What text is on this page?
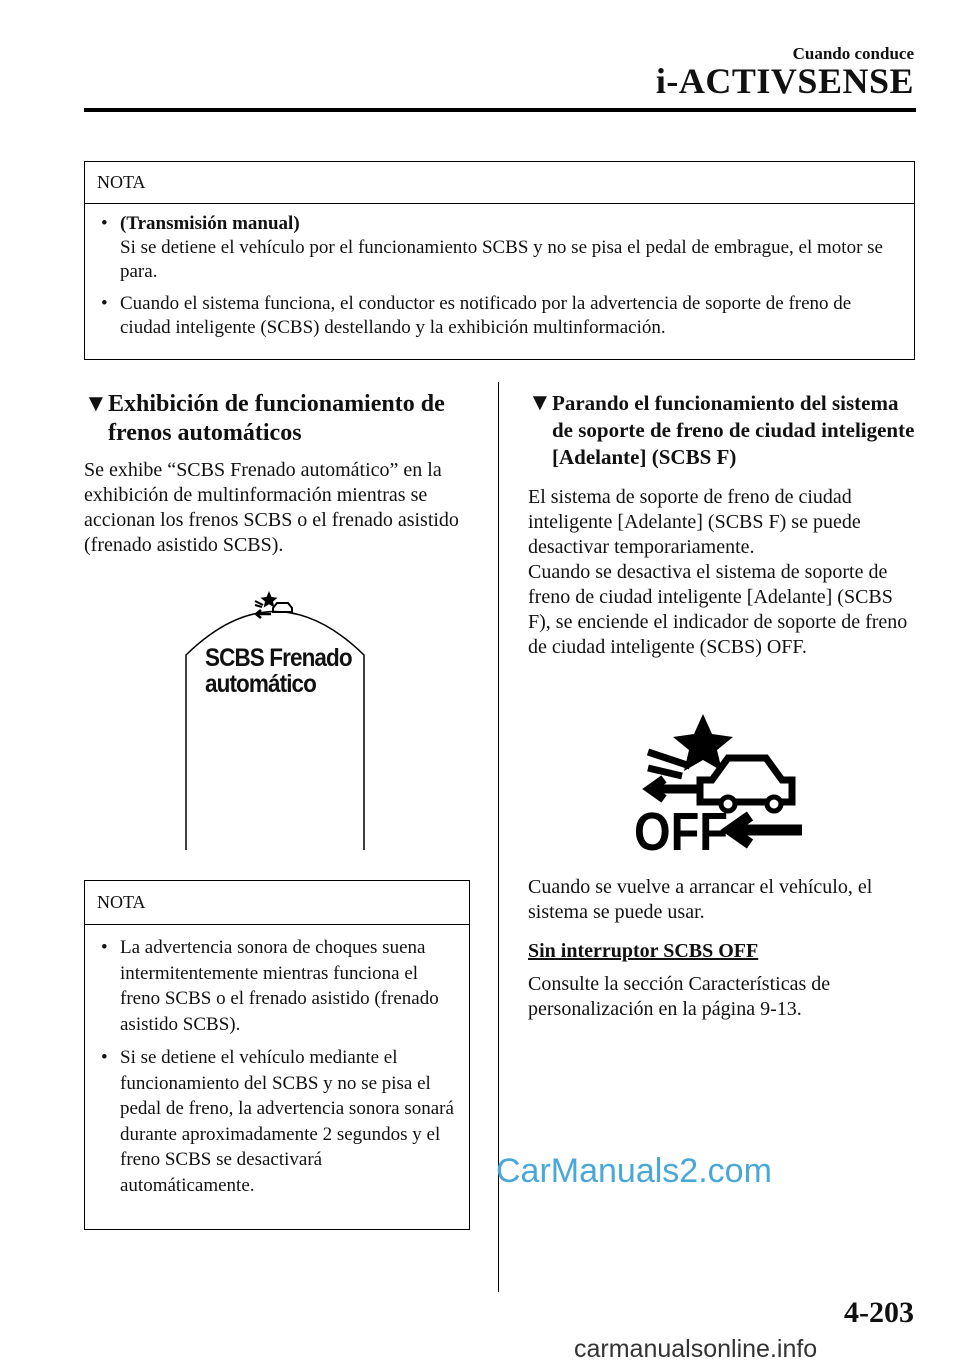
Cuando conduce
i-ACTIVSENSE
NOTA
• (Transmisión manual)
Si se detiene el vehículo por el funcionamiento SCBS y no se pisa el pedal de embrague, el motor se para.
• Cuando el sistema funciona, el conductor es notificado por la advertencia de soporte de freno de ciudad inteligente (SCBS) destellando y la exhibición multinformación.
▼ Exhibición de funcionamiento de frenos automáticos
Se exhibe “SCBS Frenado automático” en la exhibición de multinformación mientras se accionan los frenos SCBS o el frenado asistido (frenado asistido SCBS).
SCBS Frenado
automático
NOTA
• La advertencia sonora de choques suena intermitentemente mientras funciona el freno SCBS o el frenado asistido (frenado asistido SCBS).
• Si se detiene el vehículo mediante el funcionamiento del SCBS y no se pisa el pedal de freno, la advertencia sonora sonará durante aproximadamente 2 segundos y el freno SCBS se desactivará automáticamente.
▼ Parando el funcionamiento del sistema de soporte de freno de ciudad inteligente [Adelante] (SCBS F)
El sistema de soporte de freno de ciudad inteligente [Adelante] (SCBS F) se puede desactivar temporariamente.
Cuando se desactiva el sistema de soporte de freno de ciudad inteligente [Adelante] (SCBS F), se enciende el indicador de soporte de freno de ciudad inteligente (SCBS) OFF.
OFF
Cuando se vuelve a arrancar el vehículo, el sistema se puede usar.
Sin interruptor SCBS OFF
Consulte la sección Características de personalización en la página 9-13.
CarManuals2.com
4-203
carmanualsonline.info
